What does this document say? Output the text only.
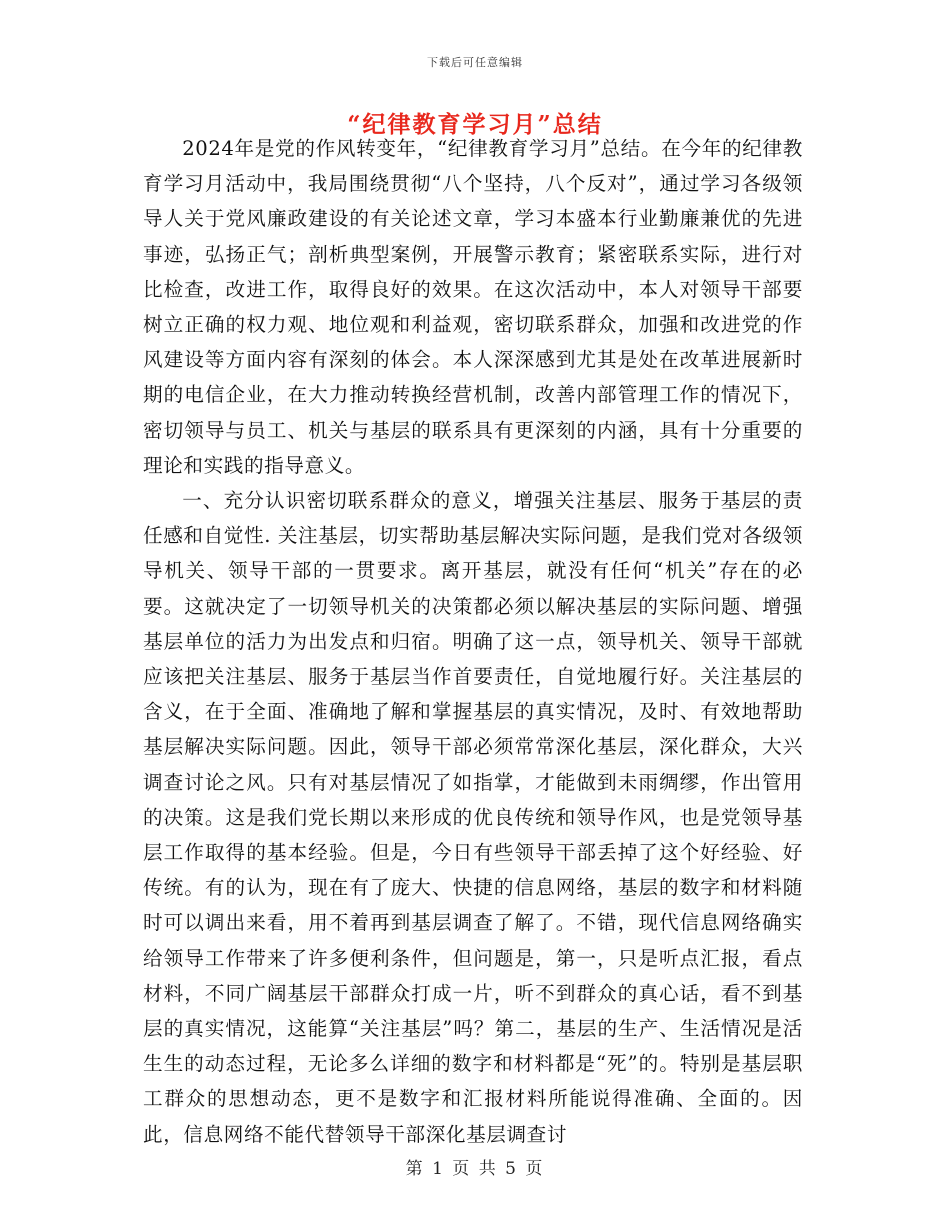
下载后可任意编辑
“纪律教育学习月”总结

2024年是党的作风转变年，“纪律教育学习月”总结。在今年的纪律教育学习月活动中，我局围绕贯彻“八个坚持，八个反对”，通过学习各级领导人关于党风廉政建设的有关论述文章，学习本盛本行业勤廉兼优的先进事迹，弘扬正气；剖析典型案例，开展警示教育；紧密联系实际，进行对比检查，改进工作，取得良好的效果。在这次活动中，本人对领导干部要树立正确的权力观、地位观和利益观，密切联系群众，加强和改进党的作风建设等方面内容有深刻的体会。本人深深感到尤其是处在改革进展新时期的电信企业，在大力推动转换经营机制，改善内部管理工作的情况下，密切领导与员工、机关与基层的联系具有更深刻的内涵，具有十分重要的理论和实践的指导意义。

一、充分认识密切联系群众的意义，增强关注基层、服务于基层的责任感和自觉性. 关注基层，切实帮助基层解决实际问题，是我们党对各级领导机关、领导干部的一贯要求。离开基层，就没有任何“机关”存在的必要。这就决定了一切领导机关的决策都必须以解决基层的实际问题、增强基层单位的活力为出发点和归宿。明确了这一点，领导机关、领导干部就应该把关注基层、服务于基层当作首要责任，自觉地履行好。关注基层的含义，在于全面、准确地了解和掌握基层的真实情况，及时、有效地帮助基层解决实际问题。因此，领导干部必须常常深化基层，深化群众，大兴调查讨论之风。只有对基层情况了如指掌，才能做到未雨绸缪，作出管用的决策。这是我们党长期以来形成的优良传统和领导作风，也是党领导基层工作取得的基本经验。但是，今日有些领导干部丢掉了这个好经验、好传统。有的认为，现在有了庞大、快捷的信息网络，基层的数字和材料随时可以调出来看，用不着再到基层调查了解了。不错，现代信息网络确实给领导工作带来了许多便利条件，但问题是，第一，只是听点汇报，看点材料，不同广阔基层干部群众打成一片，听不到群众的真心话，看不到基层的真实情况，这能算“关注基层”吗？第二，基层的生产、生活情况是活生生的动态过程，无论多么详细的数字和材料都是“死”的。特别是基层职工群众的思想动态，更不是数字和汇报材料所能说得准确、全面的。因此，信息网络不能代替领导干部深化基层调查讨

第 1 页 共 5 页
